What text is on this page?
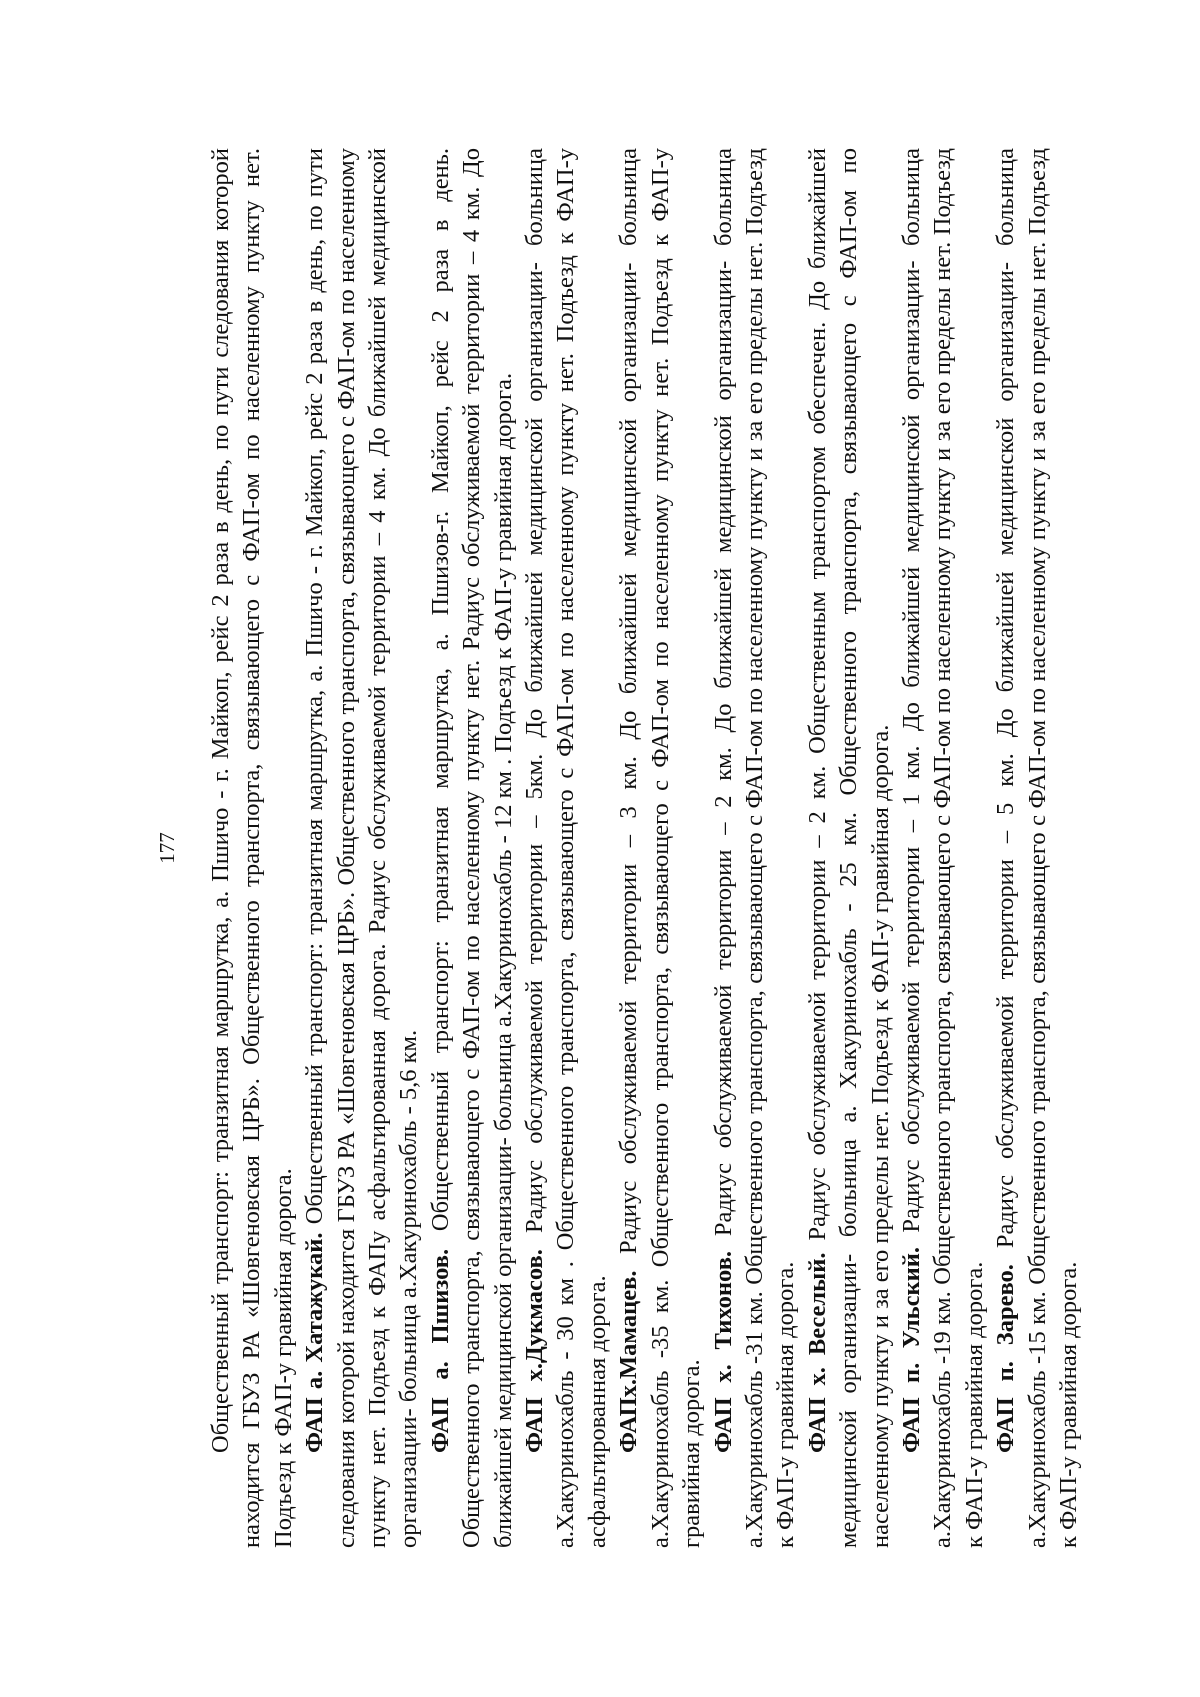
177 Общественный транспорт: транзитная маршрутка, а. Пшичо - г. Майкоп, рейс 2 раза в день, по пути следования которой находится ГБУЗ РА «Шовгеновская ЦРБ». Общественного транспорта, связывающего с ФАП-ом по населенному пункту нет. Подъезд к ФАП-у гравийная дорога. ФАП а. Хатажукай. Общественный транспорт: транзитная маршрутка, а. Пшичо - г. Майкоп, рейс 2 раза в день, по пути следования которой находится ГБУЗ РА «Шовгеновская ЦРБ». Общественного транспорта, связывающего с ФАП-ом по населенному пункту нет. Подъезд к ФАПу асфальтированная дорога. Радиус обслуживаемой территории – 4 км. До ближайшей медицинской организации- больница а.Хакуринохабль - 5,6 км. ФАП а. Пшизов. Общественный транспорт: транзитная маршрутка, а. Пшизов-г. Майкоп, рейс 2 раза в день. Общественного транспорта, связывающего с ФАП-ом по населенному пункту нет. Радиус обслуживаемой территории – 4 км. До ближайшей медицинской организации- больница а.Хакуринохабль - 12 км . Подъезд к ФАП-у гравийная дорога. ФАП х.Дукмасов. Радиус обслуживаемой территории – 5км. До ближайшей медицинской организации- больница а.Хакуринохабль - 30 км . Общественного транспорта, связывающего с ФАП-ом по населенному пункту нет. Подъезд к ФАП-у асфальтированная дорога. ФАПх.Мамацев. Радиус обслуживаемой территории – 3 км. До ближайшей медицинской организации- больница а.Хакуринохабль -35 км. Общественного транспорта, связывающего с ФАП-ом по населенному пункту нет. Подъезд к ФАП-у гравийная дорога.

ФАП х. Тихонов. Радиус обслуживаемой территории – 2 км. До ближайшей медицинской организации- больница а.Хакуринохабль -31 км. Общественного транспорта, связывающего с ФАП-ом по населенному пункту и за его пределы нет. Подъезд к ФАП-у гравийная дорога. ФАП х. Веселый. Радиус обслуживаемой территории – 2 км. Общественным транспортом обеспечен. До ближайшей медицинской организации- больница а. Хакуринохабль - 25 км. Общественного транспорта, связывающего с ФАП-ом по населенному пункту и за его пределы нет. Подъезд к ФАП-у гравийная дорога. ФАП п. Ульский. Радиус обслуживаемой территории – 1 км. До ближайшей медицинской организации- больница а.Хакуринохабль -19 км. Общественного транспорта, связывающего с ФАП-ом по населенному пункту и за его пределы нет. Подъезд к ФАП-у гравийная дорога. ФАП п. Зарево. Радиус обслуживаемой территории – 5 км. До ближайшей медицинской организации- больница а.Хакуринохабль -15 км. Общественного транспорта, связывающего с ФАП-ом по населенному пункту и за его пределы нет. Подъезд к ФАП-у гравийная дорога.
